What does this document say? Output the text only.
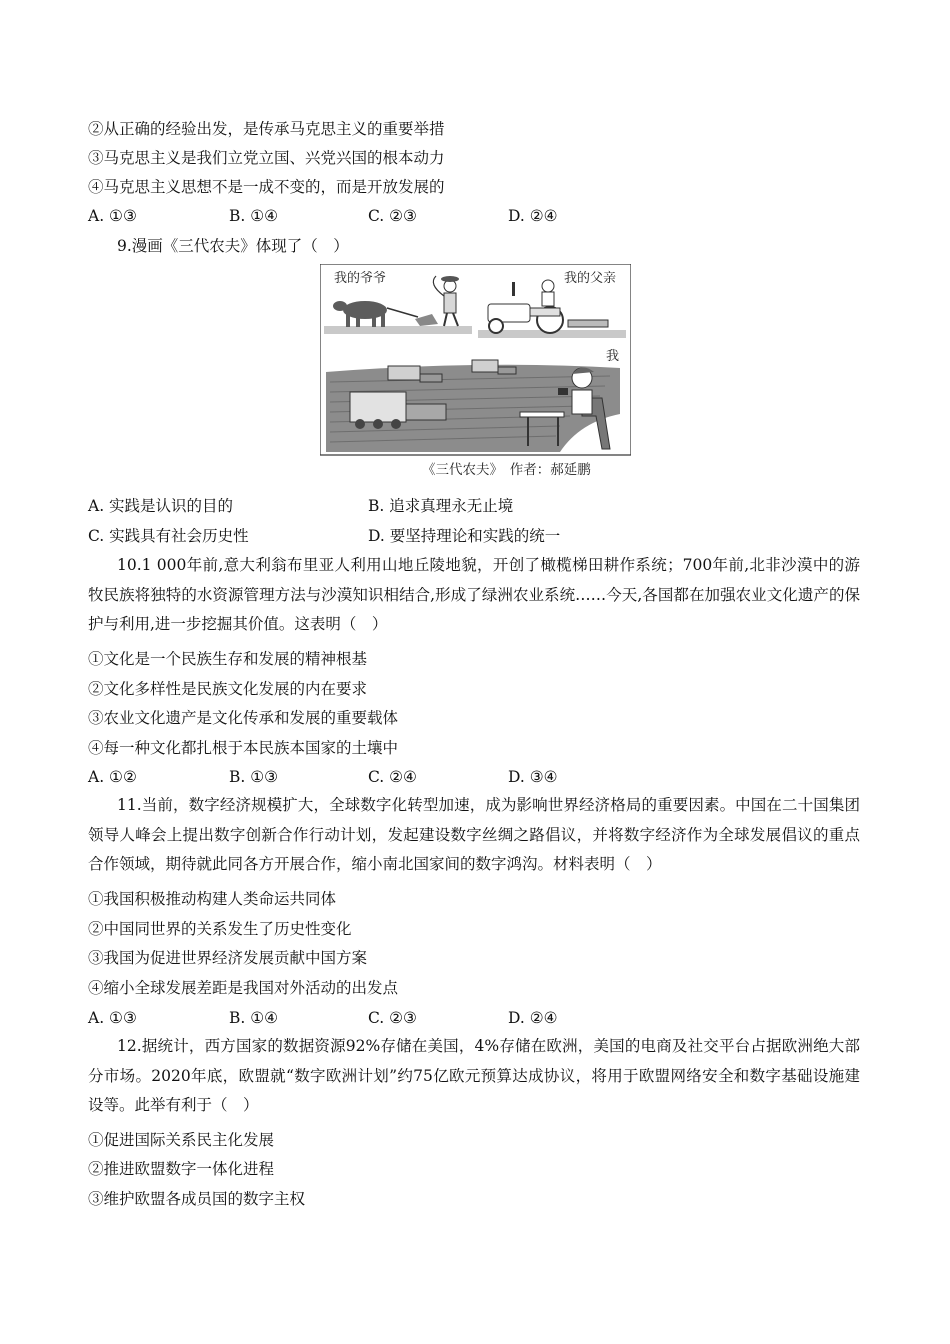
②从正确的经验出发，是传承马克思主义的重要举措
③马克思主义是我们立党立国、兴党兴国的根本动力
④马克思主义思想不是一成不变的，而是开放发展的
A. ①③	B. ①④	C. ②③	D. ②④
9.漫画《三代农夫》体现了（　）
我的爷爷	我的父亲
我
《三代农夫》　作者：郝延鹏
A. 实践是认识的目的	B. 追求真理永无止境
C. 实践具有社会历史性	D. 要坚持理论和实践的统一
10.1 000年前,意大利翁布里亚人利用山地丘陵地貌，开创了橄榄梯田耕作系统；700年前,北非沙漠中的游牧民族将独特的水资源管理方法与沙漠知识相结合,形成了绿洲农业系统……今天,各国都在加强农业文化遗产的保护与利用,进一步挖掘其价值。这表明（　）
①文化是一个民族生存和发展的精神根基
②文化多样性是民族文化发展的内在要求
③农业文化遗产是文化传承和发展的重要载体
④每一种文化都扎根于本民族本国家的土壤中
A. ①②	B. ①③	C. ②④	D. ③④
11.当前，数字经济规模扩大，全球数字化转型加速，成为影响世界经济格局的重要因素。中国在二十国集团领导人峰会上提出数字创新合作行动计划，发起建设数字丝绸之路倡议，并将数字经济作为全球发展倡议的重点合作领域，期待就此同各方开展合作，缩小南北国家间的数字鸿沟。材料表明（　）
①我国积极推动构建人类命运共同体
②中国同世界的关系发生了历史性变化
③我国为促进世界经济发展贡献中国方案
④缩小全球发展差距是我国对外活动的出发点
A. ①③	B. ①④	C. ②③	D. ②④
12.据统计，西方国家的数据资源92%存储在美国，4%存储在欧洲，美国的电商及社交平台占据欧洲绝大部分市场。2020年底，欧盟就“数字欧洲计划”约75亿欧元预算达成协议，将用于欧盟网络安全和数字基础设施建设等。此举有利于（　）
①促进国际关系民主化发展
②推进欧盟数字一体化进程
③维护欧盟各成员国的数字主权
